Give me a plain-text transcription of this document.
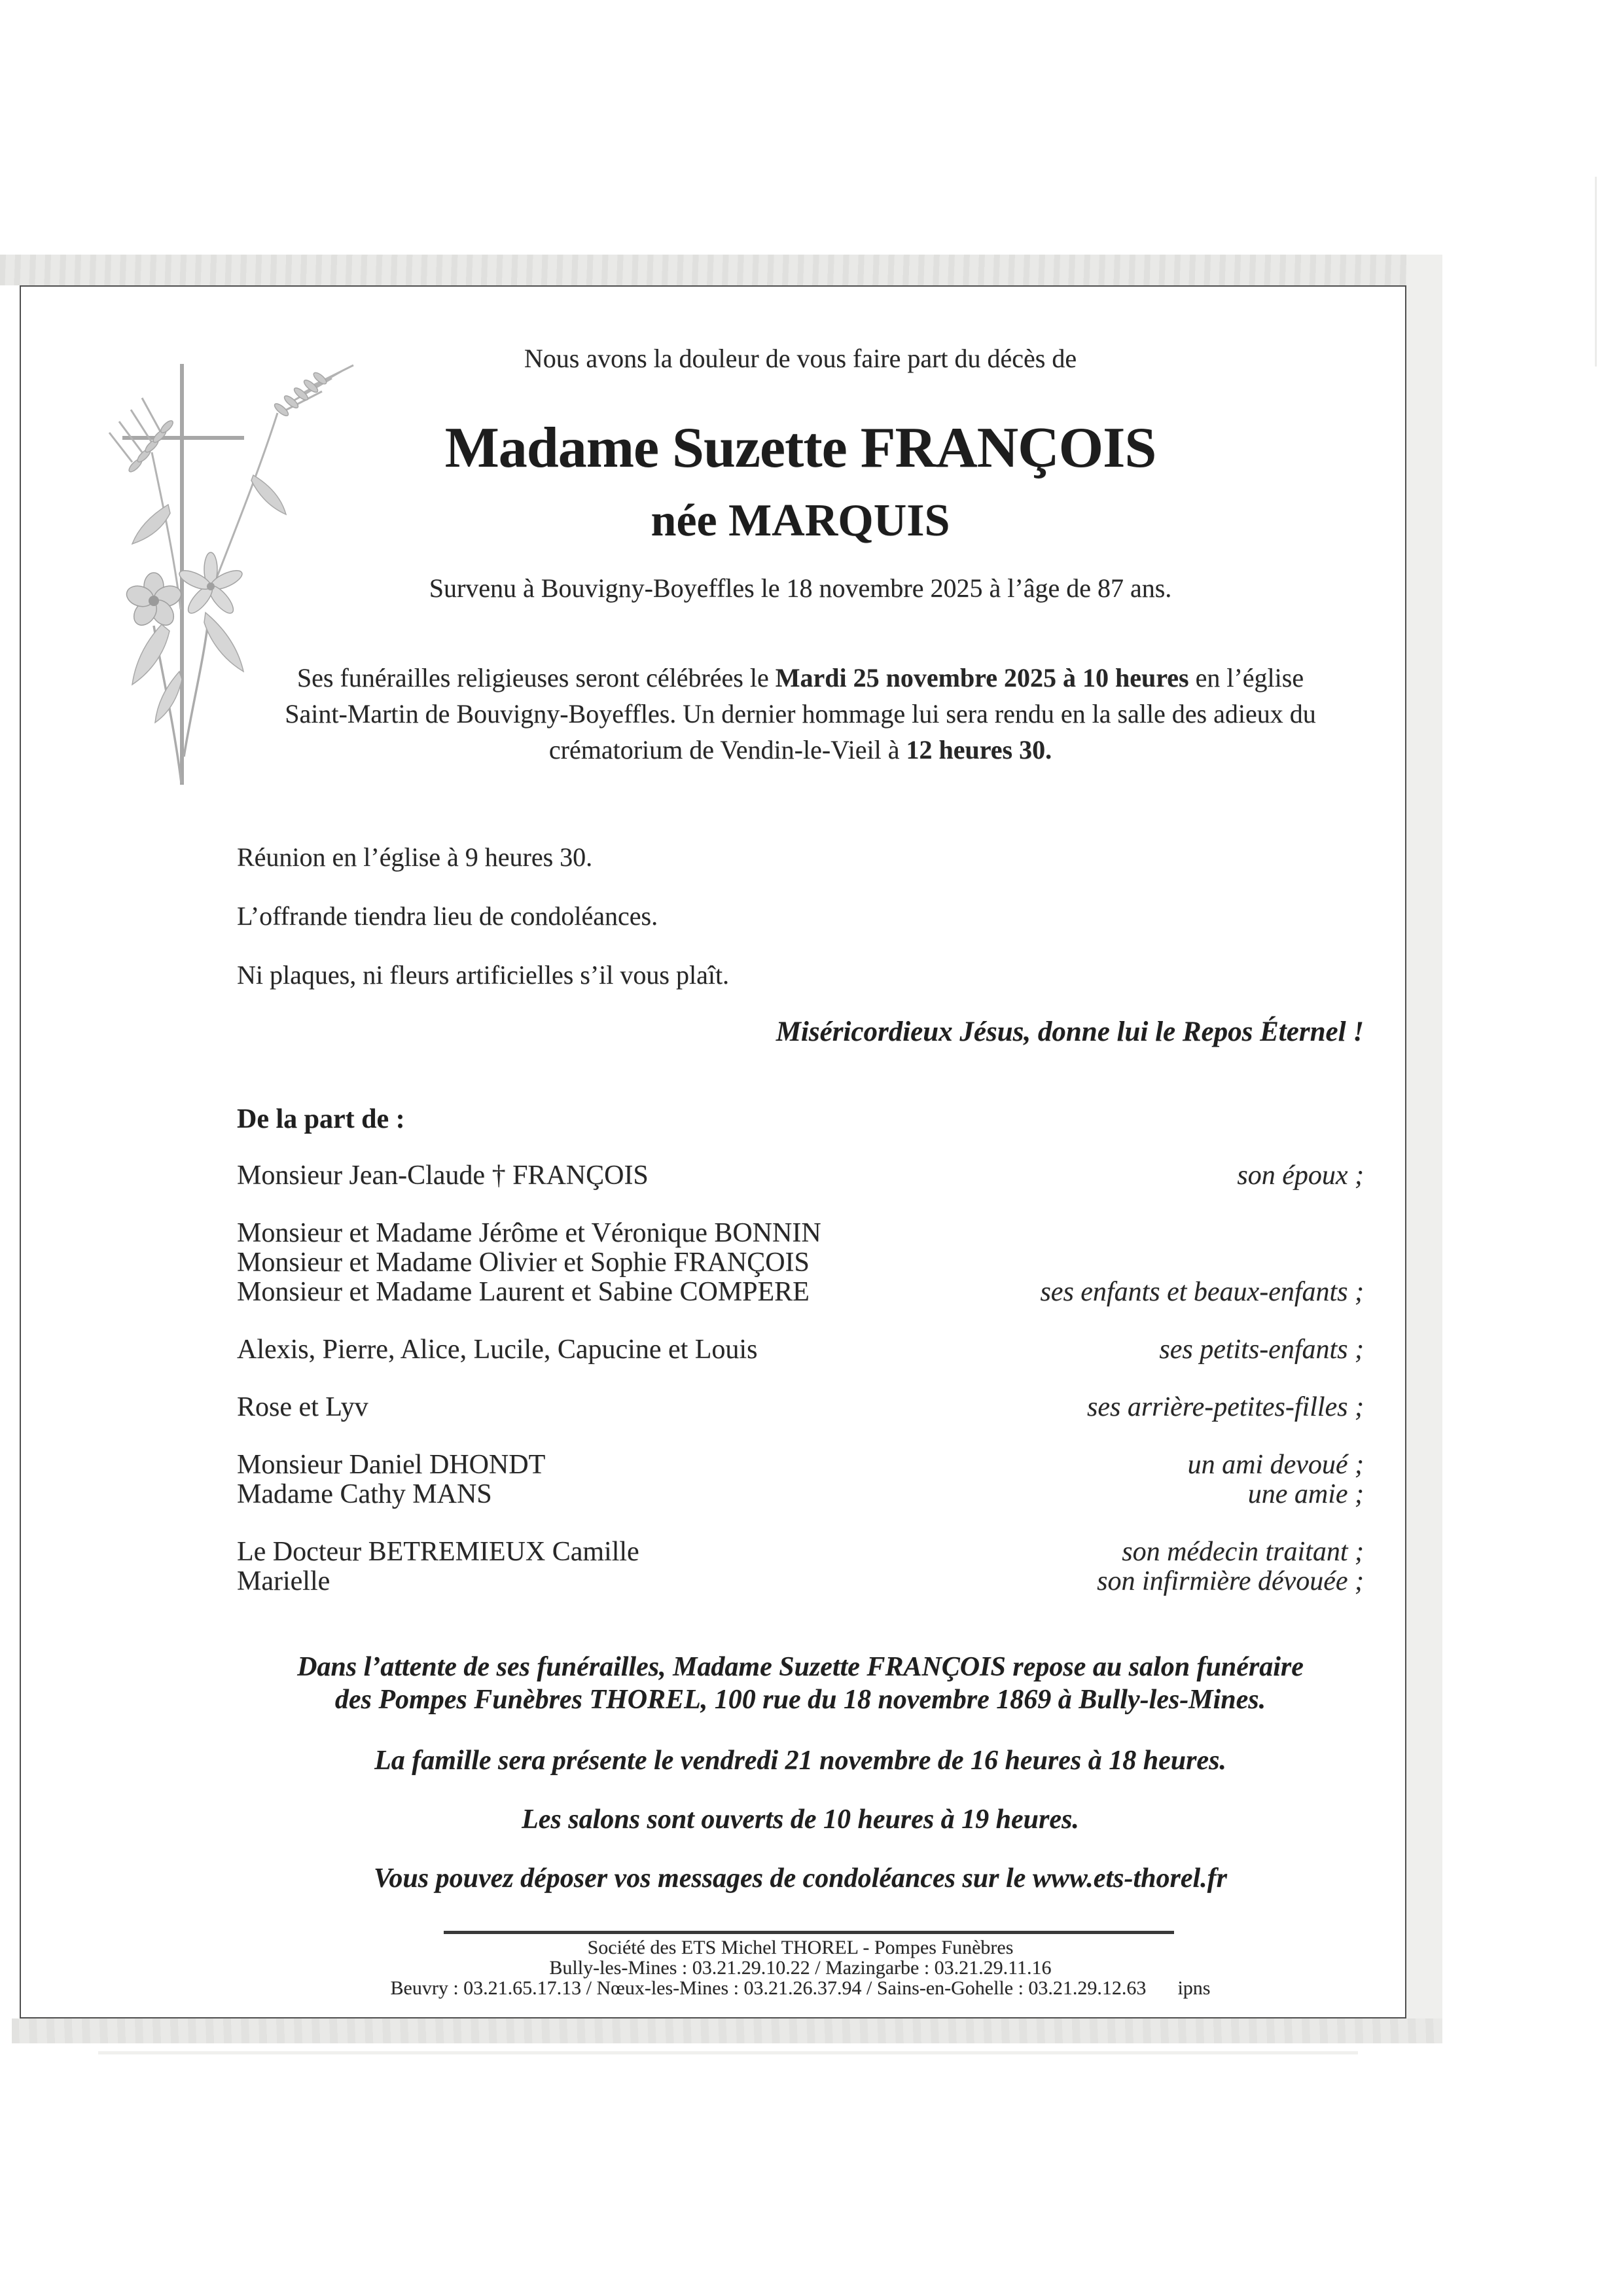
Nous avons la douleur de vous faire part du décès de
Madame Suzette FRANÇOIS
née MARQUIS
Survenu à Bouvigny-Boyeffles le 18 novembre 2025 à l’âge de 87 ans.
Ses funérailles religieuses seront célébrées le Mardi 25 novembre 2025 à 10 heures en l’église
Saint-Martin de Bouvigny-Boyeffles. Un dernier hommage lui sera rendu en la salle des adieux du
crématorium de Vendin-le-Vieil à 12 heures 30.
Réunion en l’église à 9 heures 30.
L’offrande tiendra lieu de condoléances.
Ni plaques, ni fleurs artificielles s’il vous plaît.
Miséricordieux Jésus, donne lui le Repos Éternel !
De la part de :
Monsieur Jean-Claude † FRANÇOIS	son époux ;
Monsieur et Madame Jérôme et Véronique BONNIN
Monsieur et Madame Olivier et Sophie FRANÇOIS
Monsieur et Madame Laurent et Sabine COMPERE	ses enfants et beaux-enfants ;
Alexis, Pierre, Alice, Lucile, Capucine et Louis	ses petits-enfants ;
Rose et Lyv	ses arrière-petites-filles ;
Monsieur Daniel DHONDT	un ami devoué ;
Madame Cathy MANS	une amie ;
Le Docteur BETREMIEUX Camille	son médecin traitant ;
Marielle	son infirmière dévouée ;
Dans l’attente de ses funérailles, Madame Suzette FRANÇOIS repose au salon funéraire
des Pompes Funèbres THOREL, 100 rue du 18 novembre 1869 à Bully-les-Mines.
La famille sera présente le vendredi 21 novembre de 16 heures à 18 heures.
Les salons sont ouverts de 10 heures à 19 heures.
Vous pouvez déposer vos messages de condoléances sur le www.ets-thorel.fr
Société des ETS Michel THOREL - Pompes Funèbres
Bully-les-Mines : 03.21.29.10.22 / Mazingarbe : 03.21.29.11.16
Beuvry : 03.21.65.17.13 / Nœux-les-Mines : 03.21.26.37.94 / Sains-en-Gohelle : 03.21.29.12.63 ipns
